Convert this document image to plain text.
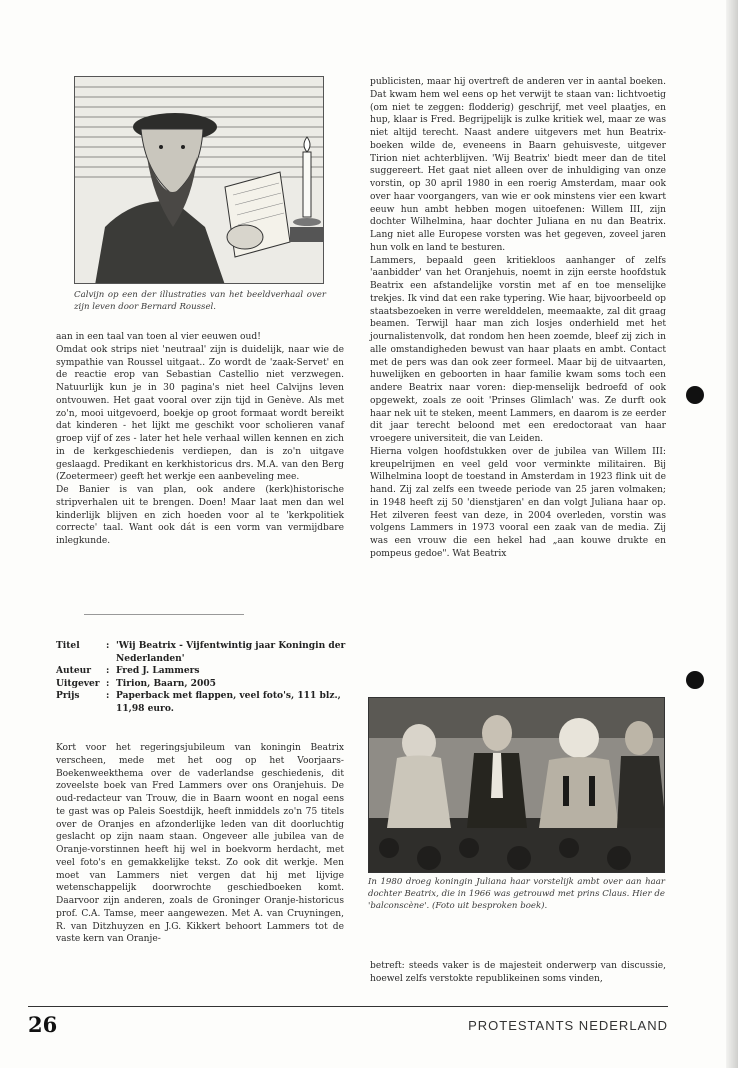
Calvijn op een der illustraties van het beeldverhaal over zijn leven door Bernard Roussel.

aan in een taal van toen al vier eeuwen oud!

Omdat ook strips niet 'neutraal' zijn is duidelijk, naar wie de sympathie van Roussel uitgaat.. Zo wordt de 'zaak-Servet' en de reactie erop van Sebastian Castellio niet verzwegen. Natuurlijk kun je in 30 pagina's niet heel Calvijns leven ontvouwen. Het gaat vooral over zijn tijd in Genève. Als met zo'n, mooi uitgevoerd, boekje op groot formaat wordt bereikt dat kinderen - het lijkt me geschikt voor scholieren vanaf groep vijf of zes - later het hele verhaal willen kennen en zich in de kerkgeschiedenis verdiepen, dan is zo'n uitgave geslaagd. Predikant en kerkhistoricus drs. M.A. van den Berg (Zoetermeer) geeft het werkje een aanbeveling mee.

De Banier is van plan, ook andere (kerk)historische stripverhalen uit te brengen. Doen! Maar laat men dan wel kinderlijk blijven en zich hoeden voor al te 'kerkpolitiek correcte' taal. Want ook dát is een vorm van vermijdbare inlegkunde.

Titel	: 'Wij Beatrix - Vijfentwintig jaar Koningin der Nederlanden'
Auteur	: Fred J. Lammers
Uitgever : Tirion, Baarn, 2005
Prijs	: Paperback met flappen, veel foto's, 111 blz., 11,98 euro.

Kort voor het regeringsjubileum van koningin Beatrix verscheen, mede met het oog op het Voorjaars-Boekenweekthema over de vaderlandse geschiedenis, dit zoveelste boek van Fred Lammers over ons Oranjehuis. De oud-redacteur van Trouw, die in Baarn woont en nogal eens te gast was op Paleis Soestdijk, heeft inmiddels zo'n 75 titels over de Oranjes en afzonderlijke leden van dit doorluchtig geslacht op zijn naam staan. Ongeveer alle jubilea van de Oranje-vorstinnen heeft hij wel in boekvorm herdacht, met veel foto's en gemakkelijke tekst. Zo ook dit werkje. Men moet van Lammers niet vergen dat hij met lijvige wetenschappelijk doorwrochte geschiedboeken komt. Daarvoor zijn anderen, zoals de Groninger Oranje-historicus prof. C.A. Tamse, meer aangewezen. Met A. van Cruyningen, R. van Ditzhuyzen en J.G. Kikkert behoort Lammers tot de vaste kern van Oranje-

publicisten, maar hij overtreft de anderen ver in aantal boeken. Dat kwam hem wel eens op het verwijt te staan van: lichtvoetig (om niet te zeggen: flodderig) geschrijf, met veel plaatjes, en hup, klaar is Fred. Begrijpelijk is zulke kritiek wel, maar ze was niet altijd terecht. Naast andere uitgevers met hun Beatrix-boeken wilde de, eveneens in Baarn gehuisveste, uitgever Tirion niet achterblijven. 'Wij Beatrix' biedt meer dan de titel suggereert. Het gaat niet alleen over de inhuldiging van onze vorstin, op 30 april 1980 in een roerig Amsterdam, maar ook over haar voorgangers, van wie er ook minstens vier een kwart eeuw hun ambt hebben mogen uitoefenen: Willem III, zijn dochter Wilhelmina, haar dochter Juliana en nu dan Beatrix. Lang niet alle Europese vorsten was het gegeven, zoveel jaren hun volk en land te besturen.

Lammers, bepaald geen kritiekloos aanhanger of zelfs 'aanbidder' van het Oranjehuis, noemt in zijn eerste hoofdstuk Beatrix een afstandelijke vorstin met af en toe menselijke trekjes. Ik vind dat een rake typering. Wie haar, bijvoorbeeld op staatsbezoeken in verre werelddelen, meemaakte, zal dit graag beamen. Terwijl haar man zich losjes onderhield met het journalistenvolk, dat rondom hen heen zoemde, bleef zij zich in alle omstandigheden bewust van haar plaats en ambt. Contact met de pers was dan ook zeer formeel. Maar bij de uitvaarten, huwelijken en geboorten in haar familie kwam soms toch een andere Beatrix naar voren: diep-menselijk bedroefd of ook opgewekt, zoals ze ooit 'Prinses Glimlach' was. Ze durft ook haar nek uit te steken, meent Lammers, en daarom is ze eerder dit jaar terecht beloond met een eredoctoraat van haar vroegere universiteit, die van Leiden.

Hierna volgen hoofdstukken over de jubilea van Willem III: kreupelrijmen en veel geld voor verminkte militairen. Bij Wilhelmina loopt de toestand in Amsterdam in 1923 flink uit de hand. Zij zal zelfs een tweede periode van 25 jaren volmaken; in 1948 heeft zij 50 'dienstjaren' en dan volgt Juliana haar op. Het zilveren feest van deze, in 2004 overleden, vorstin was volgens Lammers in 1973 vooral een zaak van de media. Zij was een vrouw die een hekel had „aan kouwe drukte en pompeus gedoe". Wat Beatrix

In 1980 droeg koningin Juliana haar vorstelijk ambt over aan haar dochter Beatrix, die in 1966 was getrouwd met prins Claus. Hier de 'balconscène'. (Foto uit besproken boek).

betreft: steeds vaker is de majesteit onderwerp van discussie, hoewel zelfs verstokte republikeinen soms vinden,

26	PROTESTANTS NEDERLAND
